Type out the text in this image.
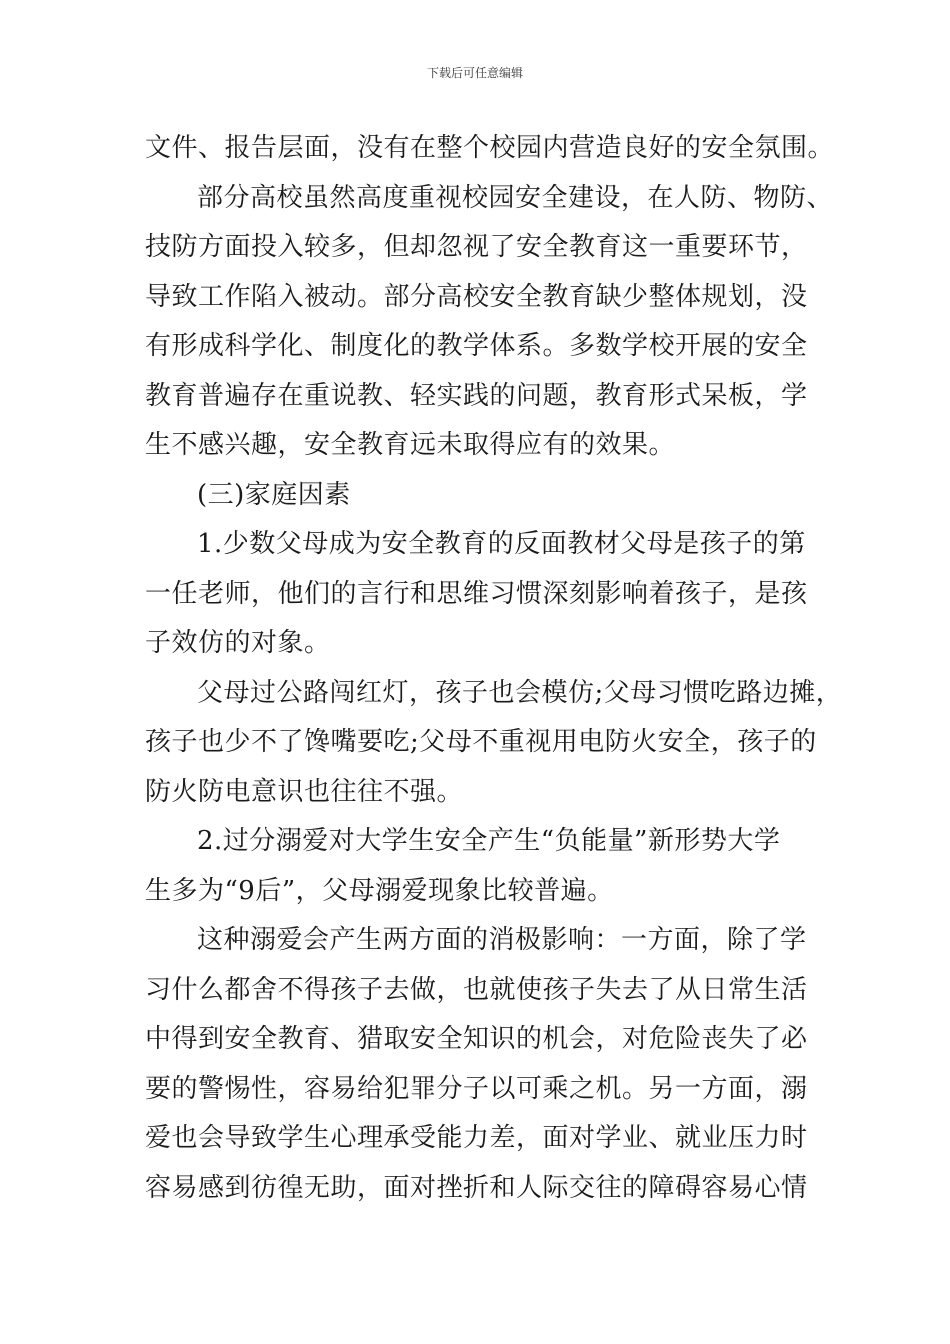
下载后可任意编辑
文件、报告层面，没有在整个校园内营造良好的安全氛围。
部分高校虽然高度重视校园安全建设，在人防、物防、
技防方面投入较多，但却忽视了安全教育这一重要环节，
导致工作陷入被动。部分高校安全教育缺少整体规划，没
有形成科学化、制度化的教学体系。多数学校开展的安全
教育普遍存在重说教、轻实践的问题，教育形式呆板，学
生不感兴趣，安全教育远未取得应有的效果。
(三)家庭因素
1.少数父母成为安全教育的反面教材父母是孩子的第
一任老师，他们的言行和思维习惯深刻影响着孩子，是孩
子效仿的对象。
父母过公路闯红灯，孩子也会模仿;父母习惯吃路边摊，
孩子也少不了馋嘴要吃;父母不重视用电防火安全，孩子的
防火防电意识也往往不强。
2.过分溺爱对大学生安全产生“负能量”新形势大学
生多为“9后”，父母溺爱现象比较普遍。
这种溺爱会产生两方面的消极影响：一方面，除了学
习什么都舍不得孩子去做，也就使孩子失去了从日常生活
中得到安全教育、猎取安全知识的机会，对危险丧失了必
要的警惕性，容易给犯罪分子以可乘之机。另一方面，溺
爱也会导致学生心理承受能力差，面对学业、就业压力时
容易感到彷徨无助，面对挫折和人际交往的障碍容易心情
